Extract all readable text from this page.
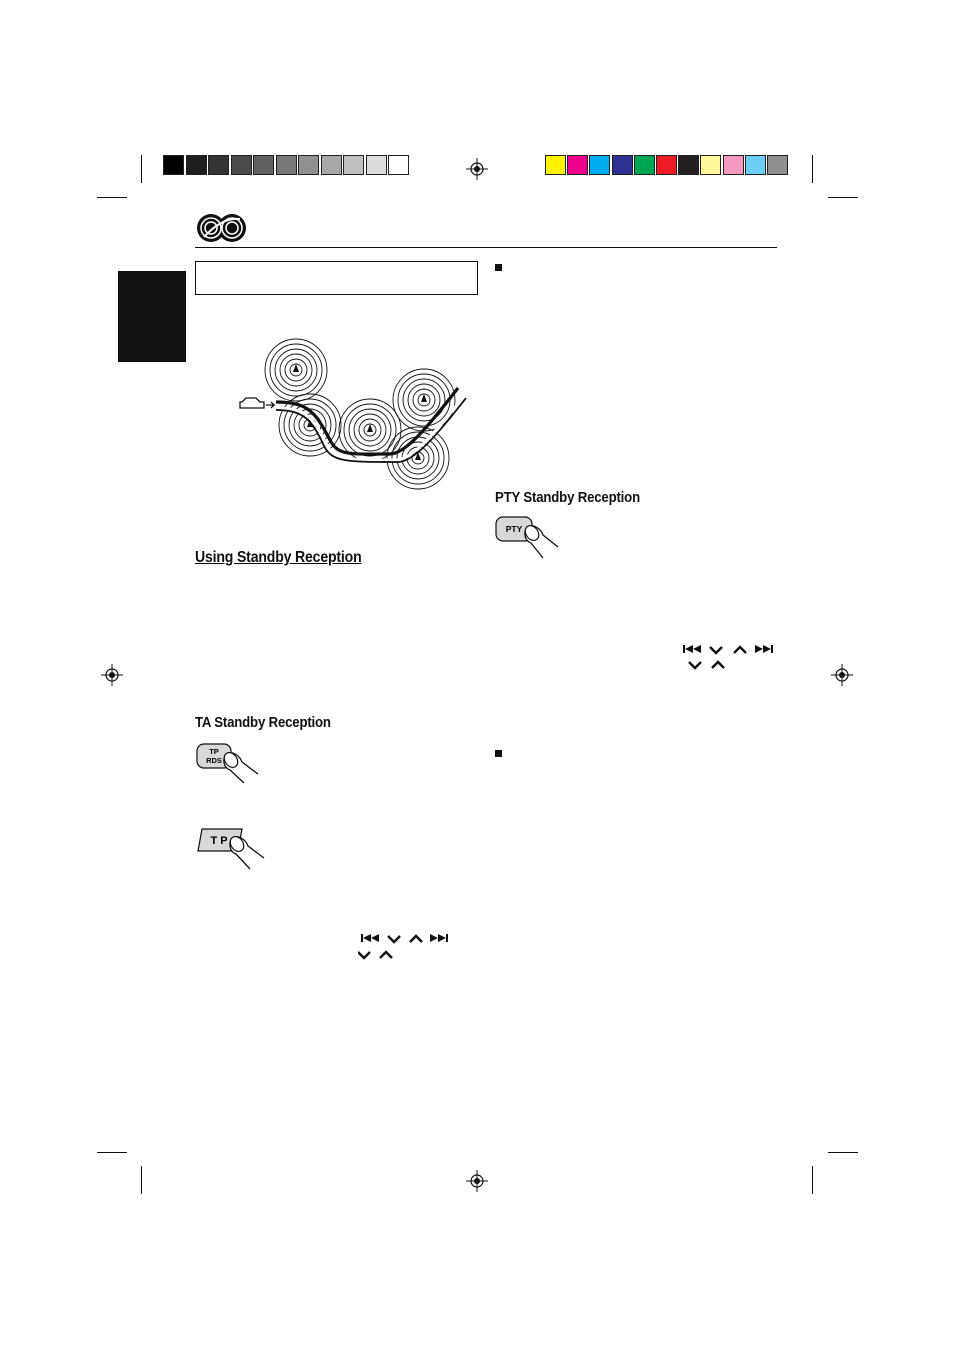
Using Standby Reception
TA Standby Reception
TP
RDS
T P
PTY Standby Reception
PTY
